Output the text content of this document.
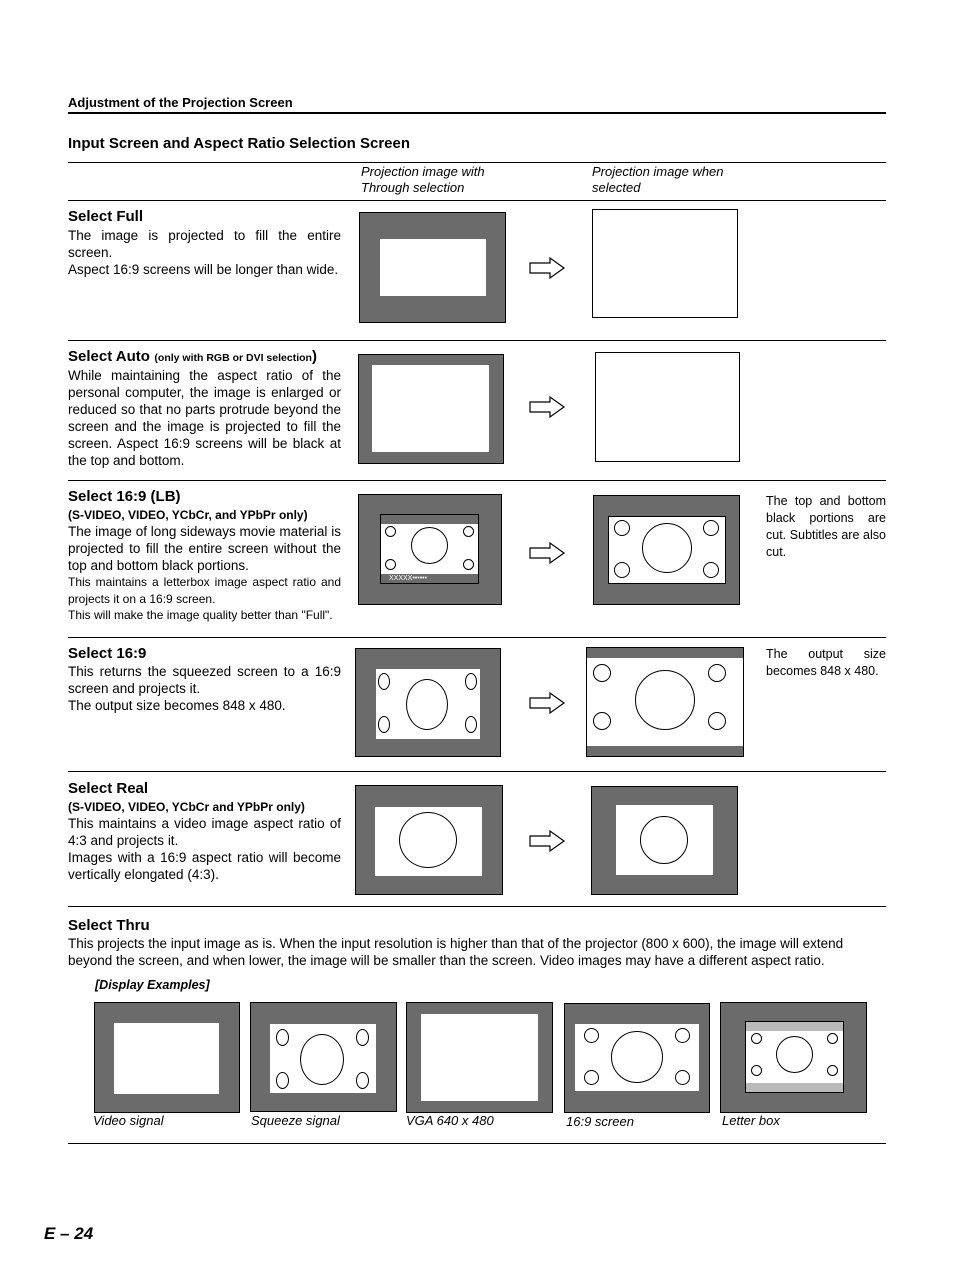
Adjustment of the Projection Screen
Input Screen and Aspect Ratio Selection Screen
Projection image with
Through selection
Projection image when
selected
Select Full
The image is projected to fill the entire screen.
Aspect 16:9 screens will be longer than wide.
Select Auto (only with RGB or DVI selection)
While maintaining the aspect ratio of the personal computer, the image is enlarged or reduced so that no parts protrude beyond the screen and the image is projected to fill the screen. Aspect 16:9 screens will be black at the top and bottom.
Select 16:9 (LB)
(S-VIDEO, VIDEO, YCbCr, and YPbPr only)
The image of long sideways movie material is projected to fill the entire screen without the top and bottom black portions.
This maintains a letterbox image aspect ratio and projects it on a 16:9 screen.
This will make the image quality better than "Full".
XXXXX••••••
The top and bottom black portions are cut. Subtitles are also cut.
Select 16:9
This returns the squeezed screen to a 16:9 screen and projects it.
The output size becomes 848 x 480.
The output size becomes 848 x 480.
Select Real
(S-VIDEO, VIDEO, YCbCr and YPbPr only)
This maintains a video image aspect ratio of 4:3 and projects it.
Images with a 16:9 aspect ratio will become vertically elongated (4:3).
Select Thru
This projects the input image as is. When the input resolution is higher than that of the projector (800 x 600), the image will extend beyond the screen, and when lower, the image will be smaller than the screen. Video images may have a different aspect ratio.
[Display Examples]
Video signal	Squeeze signal	VGA 640 x 480	16:9 screen	Letter box
E – 24
